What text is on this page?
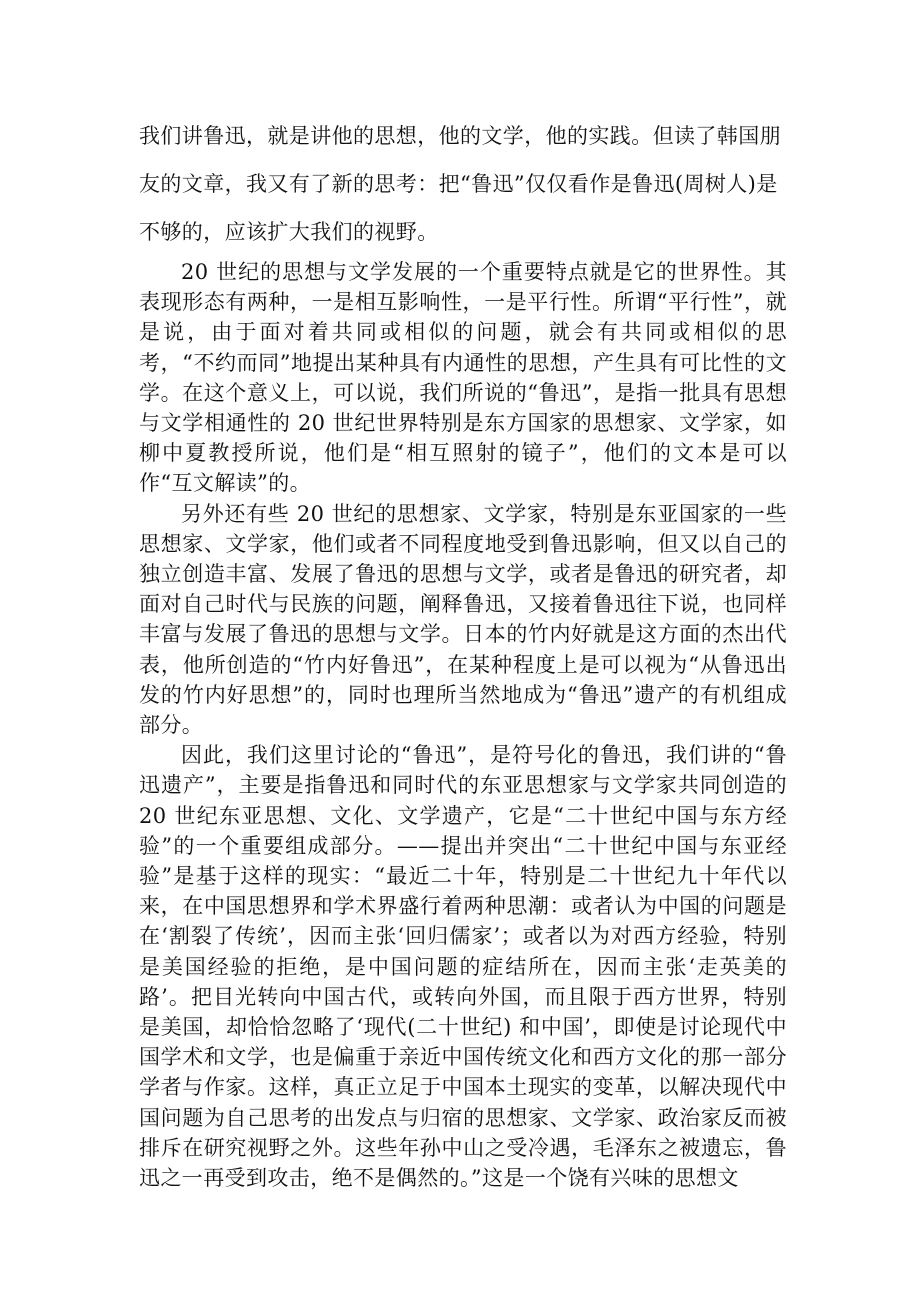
我们讲鲁迅，就是讲他的思想，他的文学，他的实践。但读了韩国朋友的文章，我又有了新的思考：把“鲁迅”仅仅看作是鲁迅(周树人)是不够的，应该扩大我们的视野。

20 世纪的思想与文学发展的一个重要特点就是它的世界性。其表现形态有两种，一是相互影响性，一是平行性。所谓“平行性”，就是说，由于面对着共同或相似的问题，就会有共同或相似的思考，“不约而同”地提出某种具有内通性的思想，产生具有可比性的文学。在这个意义上，可以说，我们所说的“鲁迅”，是指一批具有思想与文学相通性的 20 世纪世界特别是东方国家的思想家、文学家，如柳中夏教授所说，他们是“相互照射的镜子”，他们的文本是可以作“互文解读”的。

另外还有些 20 世纪的思想家、文学家，特别是东亚国家的一些思想家、文学家，他们或者不同程度地受到鲁迅影响，但又以自己的独立创造丰富、发展了鲁迅的思想与文学，或者是鲁迅的研究者，却面对自己时代与民族的问题，阐释鲁迅，又接着鲁迅往下说，也同样丰富与发展了鲁迅的思想与文学。日本的竹内好就是这方面的杰出代表，他所创造的“竹内好鲁迅”，在某种程度上是可以视为“从鲁迅出发的竹内好思想”的，同时也理所当然地成为“鲁迅”遗产的有机组成部分。

因此，我们这里讨论的“鲁迅”，是符号化的鲁迅，我们讲的“鲁迅遗产”，主要是指鲁迅和同时代的东亚思想家与文学家共同创造的 20 世纪东亚思想、文化、文学遗产，它是“二十世纪中国与东方经验”的一个重要组成部分。——提出并突出“二十世纪中国与东亚经验”是基于这样的现实：“最近二十年，特别是二十世纪九十年代以来，在中国思想界和学术界盛行着两种思潮：或者认为中国的问题是在‘割裂了传统’，因而主张‘回归儒家’；或者以为对西方经验，特别是美国经验的拒绝，是中国问题的症结所在，因而主张‘走英美的路’。把目光转向中国古代，或转向外国，而且限于西方世界，特别是美国，却恰恰忽略了‘现代(二十世纪) 和中国’，即使是讨论现代中国学术和文学，也是偏重于亲近中国传统文化和西方文化的那一部分学者与作家。这样，真正立足于中国本土现实的变革，以解决现代中国问题为自己思考的出发点与归宿的思想家、文学家、政治家反而被排斥在研究视野之外。这些年孙中山之受冷遇，毛泽东之被遗忘，鲁迅之一再受到攻击，绝不是偶然的。”这是一个饶有兴味的思想文
